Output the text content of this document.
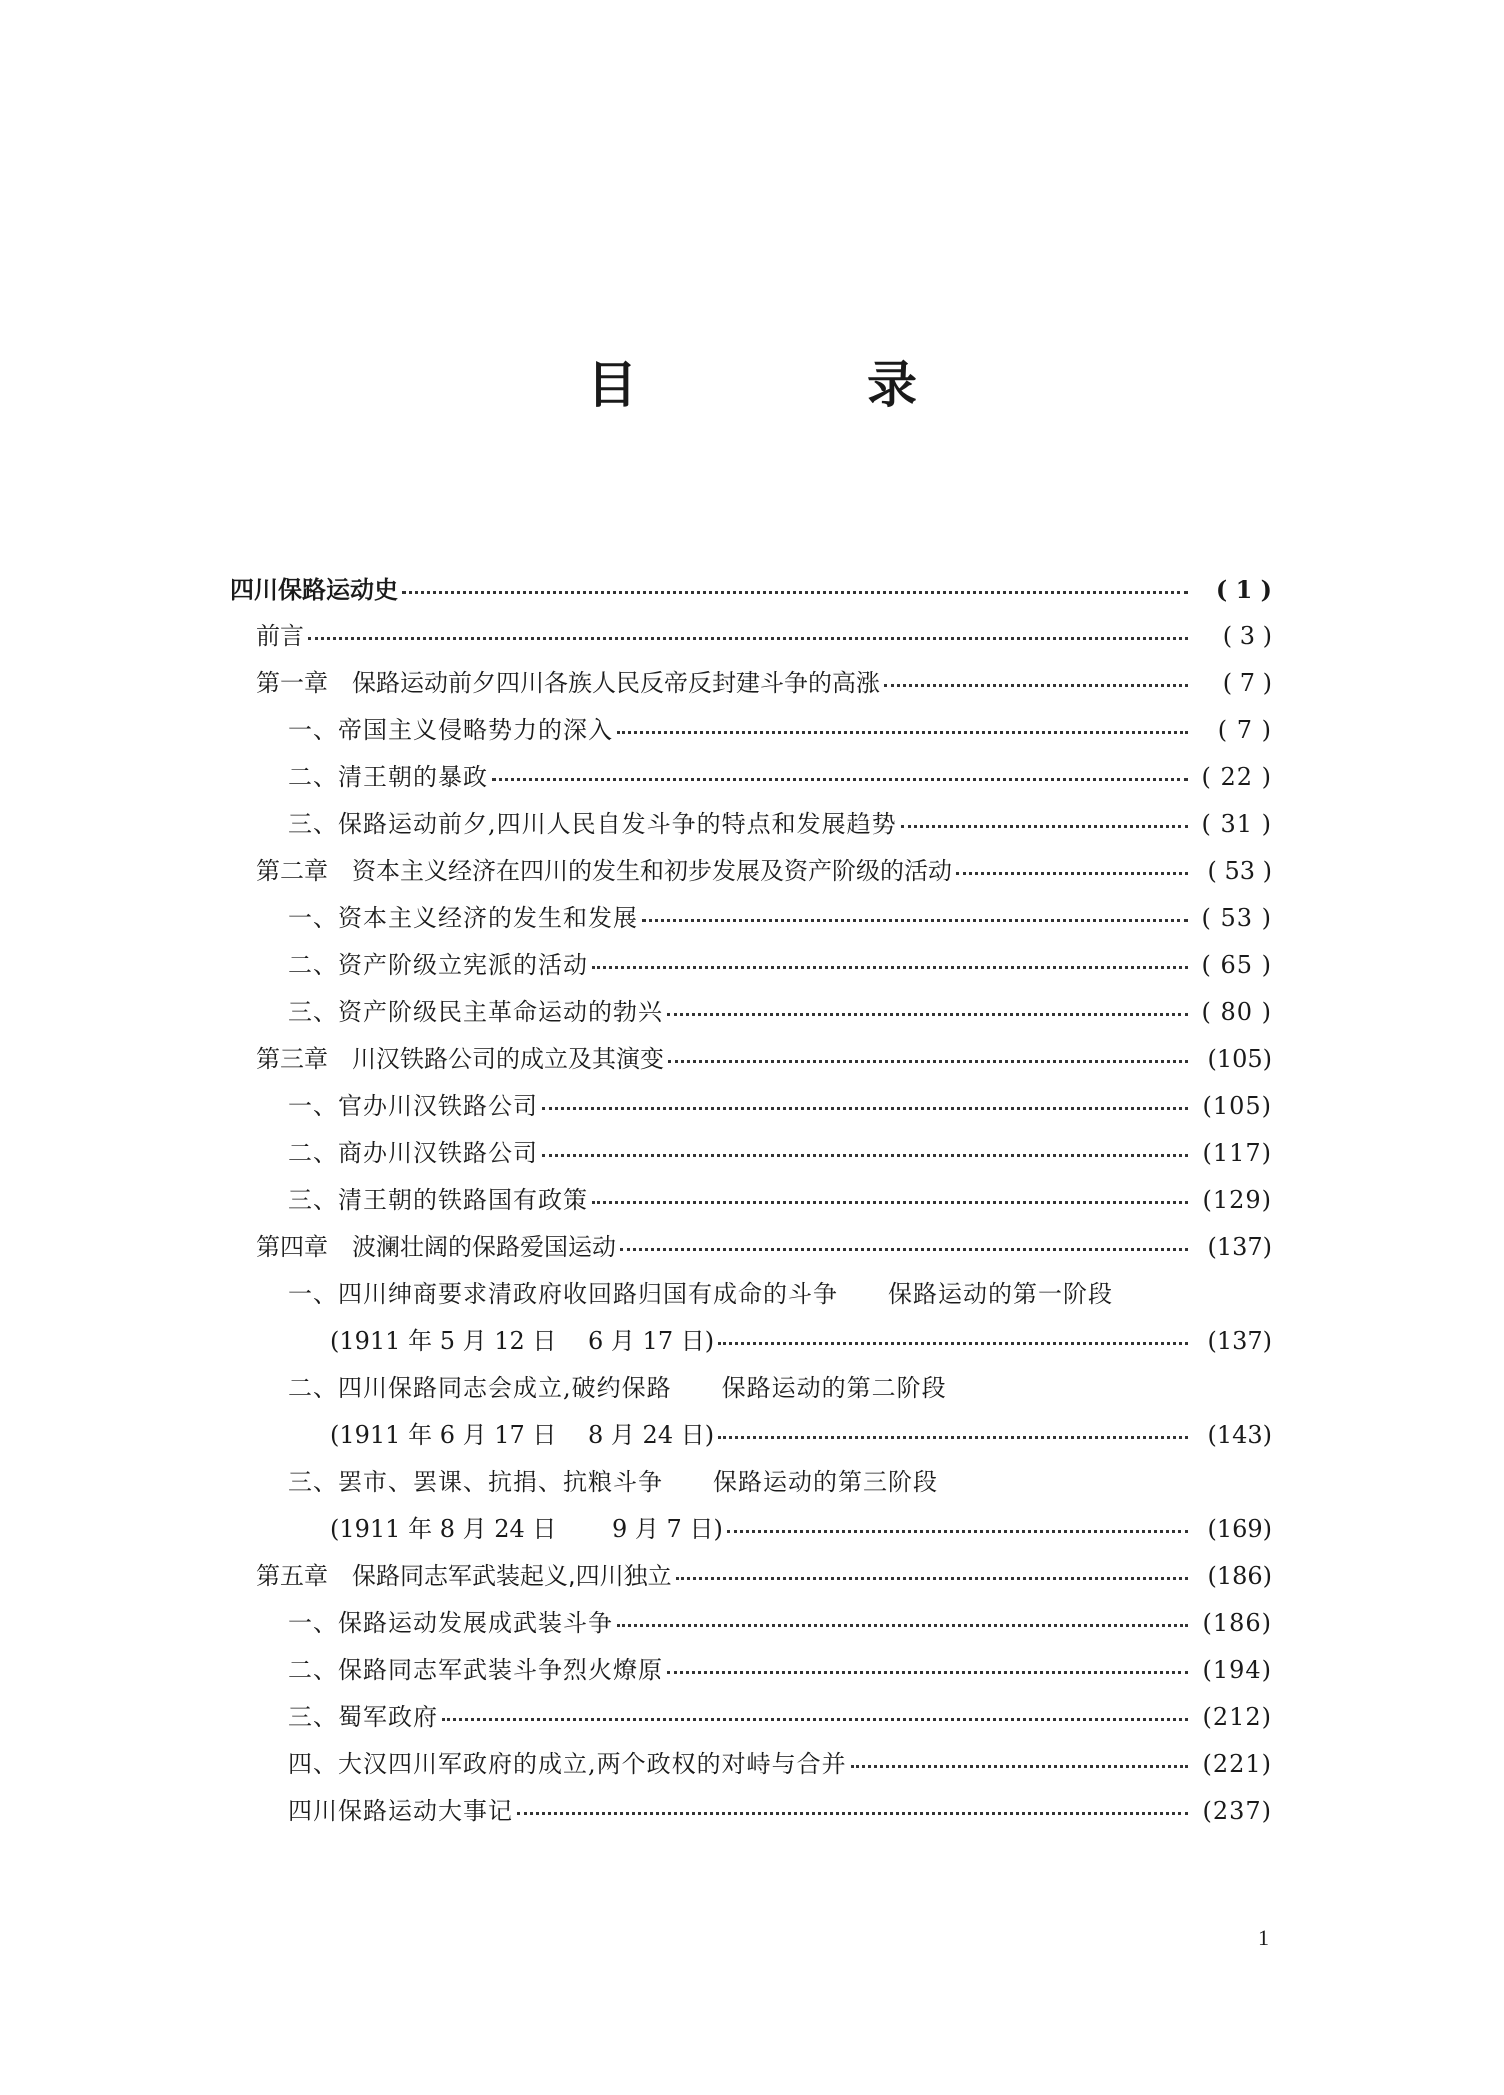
目　录
四川保路运动史	( 1 )
前言	( 3 )
第一章　保路运动前夕四川各族人民反帝反封建斗争的高涨	( 7 )
一、帝国主义侵略势力的深入	( 7 )
二、清王朝的暴政	( 22 )
三、保路运动前夕,四川人民自发斗争的特点和发展趋势	( 31 )
第二章　资本主义经济在四川的发生和初步发展及资产阶级的活动	( 53 )
一、资本主义经济的发生和发展	( 53 )
二、资产阶级立宪派的活动	( 65 )
三、资产阶级民主革命运动的勃兴	( 80 )
第三章　川汉铁路公司的成立及其演变	(105)
一、官办川汉铁路公司	(105)
二、商办川汉铁路公司	(117)
三、清王朝的铁路国有政策	(129)
第四章　波澜壮阔的保路爱国运动	(137)
一、四川绅商要求清政府收回路归国有成命的斗争　　保路运动的第一阶段
(1911 年 5 月 12 日　 6 月 17 日)	(137)
二、四川保路同志会成立,破约保路　　保路运动的第二阶段
(1911 年 6 月 17 日　 8 月 24 日)	(143)
三、罢市、罢课、抗捐、抗粮斗争　　保路运动的第三阶段
(1911 年 8 月 24 日　　 9 月 7 日)	(169)
第五章　保路同志军武装起义,四川独立	(186)
一、保路运动发展成武装斗争	(186)
二、保路同志军武装斗争烈火燎原	(194)
三、蜀军政府	(212)
四、大汉四川军政府的成立,两个政权的对峙与合并	(221)
四川保路运动大事记	(237)
1
